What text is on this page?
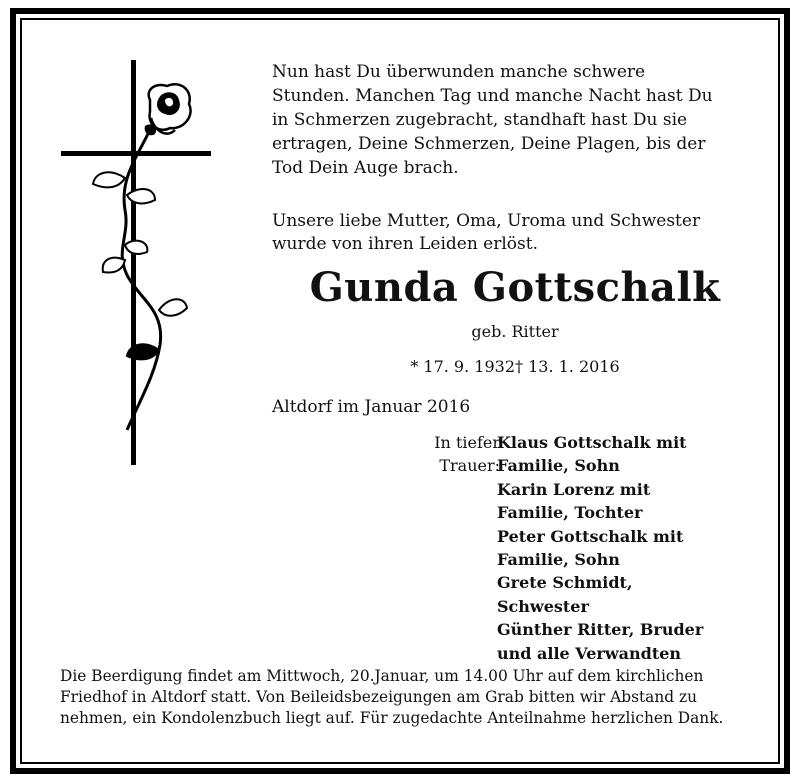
Nun hast Du überwunden manche schwere
Stunden. Manchen Tag und manche Nacht hast Du
in Schmerzen zugebracht, standhaft hast Du sie
ertragen, Deine Schmerzen, Deine Plagen, bis der
Tod Dein Auge brach.

Unsere liebe Mutter, Oma, Uroma und Schwester
wurde von ihren Leiden erlöst.
Gunda Gottschalk
geb. Ritter
* 17. 9. 1932† 13. 1. 2016
Altdorf im Januar 2016
In tiefer
Trauer:
Klaus Gottschalk mit
Familie, Sohn
Karin Lorenz mit
Familie, Tochter
Peter Gottschalk mit
Familie, Sohn
Grete Schmidt,
Schwester
Günther Ritter, Bruder
und alle Verwandten
Die Beerdigung findet am Mittwoch, 20.Januar, um 14.00 Uhr auf dem kirchlichen
Friedhof in Altdorf statt. Von Beileidsbezeigungen am Grab bitten wir Abstand zu
nehmen, ein Kondolenzbuch liegt auf. Für zugedachte Anteilnahme herzlichen Dank.
